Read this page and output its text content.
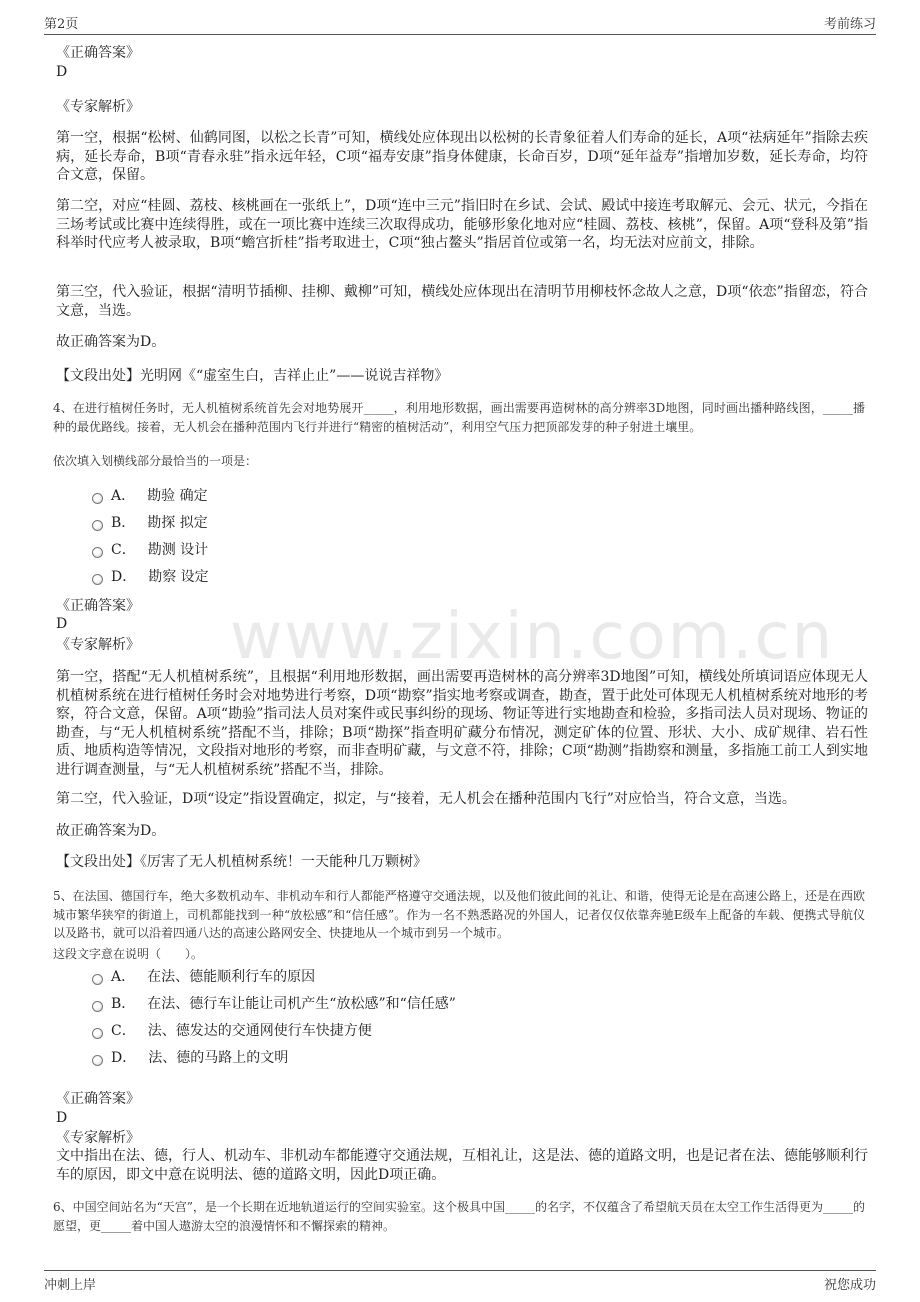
第2页	考前练习
www.zixin.com.cn

《正确答案》

D

《专家解析》

第一空，根据“松树、仙鹤同图，以松之长青”可知，横线处应体现出以松树的长青象征着人们寿命的延长，A项“祛病延年”指除去疾病，延长寿命，B项“青春永驻”指永远年轻，C项“福寿安康”指身体健康，长命百岁，D项“延年益寿”指增加岁数，延长寿命，均符合文意，保留。

第二空，对应“桂圆、荔枝、核桃画在一张纸上”，D项“连中三元”指旧时在乡试、会试、殿试中接连考取解元、会元、状元，今指在三场考试或比赛中连续得胜，或在一项比赛中连续三次取得成功，能够形象化地对应“桂圆、荔枝、核桃”，保留。A项“登科及第”指科举时代应考人被录取，B项“蟾宫折桂”指考取进士，C项“独占鳌头”指居首位或第一名，均无法对应前文，排除。

第三空，代入验证，根据“清明节插柳、挂柳、戴柳”可知，横线处应体现出在清明节用柳枝怀念故人之意，D项“依恋”指留恋，符合文意，当选。

故正确答案为D。

【文段出处】光明网《“虚室生白，吉祥止止”——说说吉祥物》

4、在进行植树任务时，无人机植树系统首先会对地势展开_____，利用地形数据，画出需要再造树林的高分辨率3D地图，同时画出播种路线图，_____播种的最优路线。接着，无人机会在播种范围内飞行并进行“精密的植树活动”，利用空气压力把顶部发芽的种子射进土壤里。

依次填入划横线部分最恰当的一项是：

A． 勘验 确定
B． 勘探 拟定
C． 勘测 设计
D． 勘察 设定

《正确答案》

D

《专家解析》

第一空，搭配“无人机植树系统”，且根据“利用地形数据，画出需要再造树林的高分辨率3D地图”可知，横线处所填词语应体现无人机植树系统在进行植树任务时会对地势进行考察，D项“勘察”指实地考察或调查，勘查，置于此处可体现无人机植树系统对地形的考察，符合文意，保留。A项“勘验”指司法人员对案件或民事纠纷的现场、物证等进行实地勘查和检验，多指司法人员对现场、物证的勘查，与“无人机植树系统”搭配不当，排除；B项“勘探”指查明矿藏分布情况，测定矿体的位置、形状、大小、成矿规律、岩石性质、地质构造等情况，文段指对地形的考察，而非查明矿藏，与文意不符，排除；C项“勘测”指勘察和测量，多指施工前工人到实地进行调查测量，与“无人机植树系统”搭配不当，排除。

第二空，代入验证，D项“设定”指设置确定，拟定，与“接着，无人机会在播种范围内飞行”对应恰当，符合文意，当选。

故正确答案为D。

【文段出处】《厉害了无人机植树系统！一天能种几万颗树》

5、在法国、德国行车，绝大多数机动车、非机动车和行人都能严格遵守交通法规，以及他们彼此间的礼让、和谐，使得无论是在高速公路上，还是在西欧城市繁华狭窄的街道上，司机都能找到一种“放松感”和“信任感”。作为一名不熟悉路况的外国人，记者仅仅依靠奔驰E级车上配备的车载、便携式导航仪以及路书，就可以沿着四通八达的高速公路网安全、快捷地从一个城市到另一个城市。

这段文字意在说明（　　）。

A． 在法、德能顺利行车的原因
B． 在法、德行车让能让司机产生“放松感”和“信任感”
C． 法、德发达的交通网使行车快捷方便
D． 法、德的马路上的文明

《正确答案》

D

《专家解析》

文中指出在法、德，行人、机动车、非机动车都能遵守交通法规，互相礼让，这是法、德的道路文明，也是记者在法、德能够顺利行车的原因，即文中意在说明法、德的道路文明，因此D项正确。

6、中国空间站名为“天宫”，是一个长期在近地轨道运行的空间实验室。这个极具中国_____的名字，不仅蕴含了希望航天员在太空工作生活得更为_____的愿望，更_____着中国人遨游太空的浪漫情怀和不懈探索的精神。

冲刺上岸	祝您成功
